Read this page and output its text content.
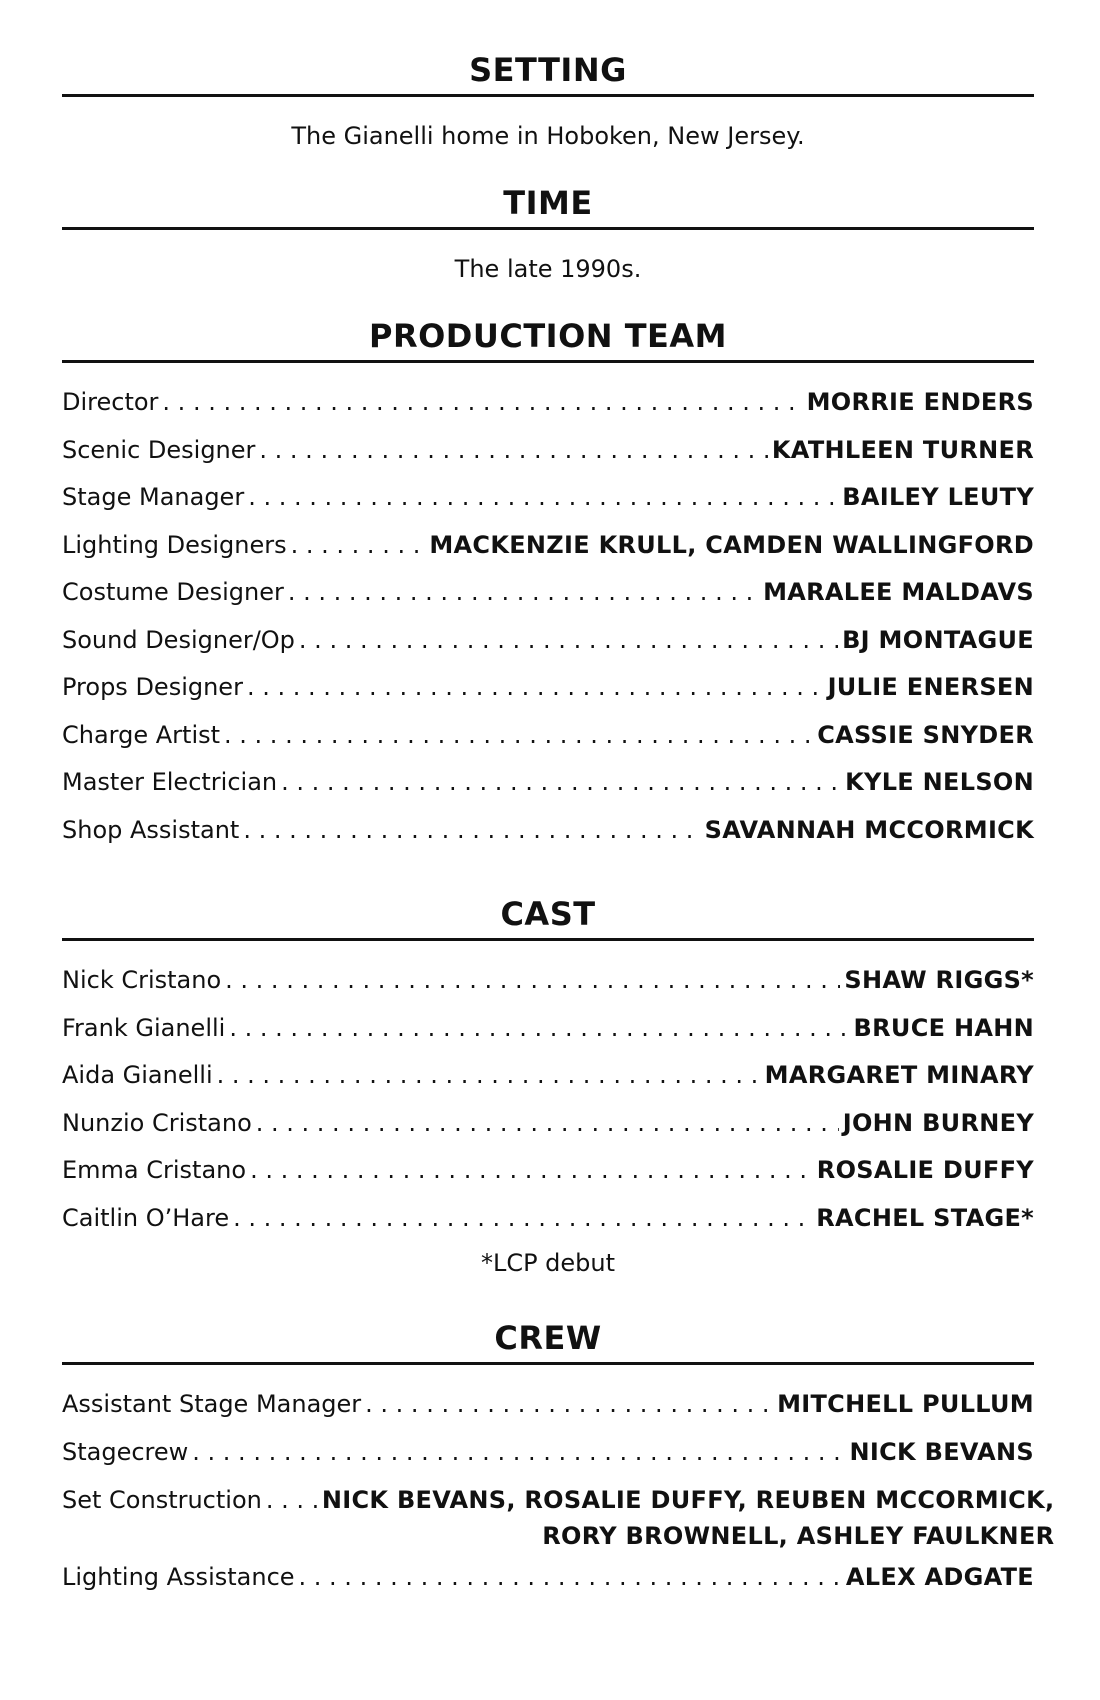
SETTING

The Gianelli home in Hoboken, New Jersey.

TIME

The late 1990s.

PRODUCTION TEAM
Director . . .	MORRIE ENDERS
Scenic Designer . . .	KATHLEEN TURNER
Stage Manager . . .	BAILEY LEUTY
Lighting Designers . . .	MACKENZIE KRULL, CAMDEN WALLINGFORD
Costume Designer . . .	MARALEE MALDAVS
Sound Designer/Op . . .	BJ MONTAGUE
Props Designer . . .	JULIE ENERSEN
Charge Artist . . .	CASSIE SNYDER
Master Electrician . . .	KYLE NELSON
Shop Assistant . . .	SAVANNAH MCCORMICK
CAST
Nick Cristano . . .	SHAW RIGGS*
Frank Gianelli . . .	BRUCE HAHN
Aida Gianelli . . .	MARGARET MINARY
Nunzio Cristano . . .	JOHN BURNEY
Emma Cristano . . .	ROSALIE DUFFY
Caitlin O’Hare . . .	RACHEL STAGE*

*LCP debut

CREW
Assistant Stage Manager . . .	MITCHELL PULLUM
Stagecrew . . .	NICK BEVANS
Set Construction . . .	NICK BEVANS, ROSALIE DUFFY, REUBEN MCCORMICK,
RORY BROWNELL, ASHLEY FAULKNER
Lighting Assistance . . .	ALEX ADGATE
